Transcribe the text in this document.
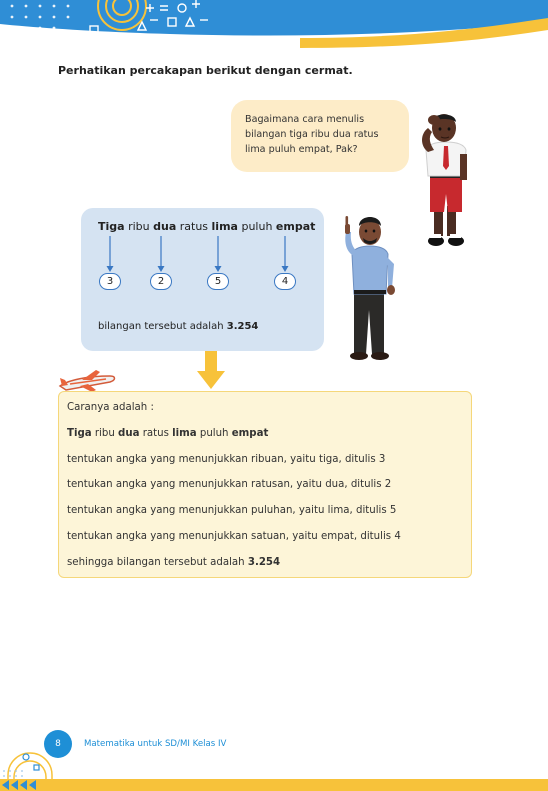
Perhatikan percakapan berikut dengan cermat.

Bagaimana cara menulis

bilangan tiga ribu dua ratus

lima puluh empat, Pak?

Tiga ribu dua ratus lima puluh empat
3	2	5	4
bilangan tersebut adalah 3.254
Caranya adalah :
Tiga ribu dua ratus lima puluh empat
tentukan angka yang menunjukkan ribuan, yaitu tiga, ditulis 3
tentukan angka yang menunjukkan ratusan, yaitu dua, ditulis 2
tentukan angka yang menunjukkan puluhan, yaitu lima, ditulis 5
tentukan angka yang menunjukkan satuan, yaitu empat, ditulis 4
sehingga bilangan tersebut adalah 3.254
8	Matematika untuk SD/MI Kelas IV
